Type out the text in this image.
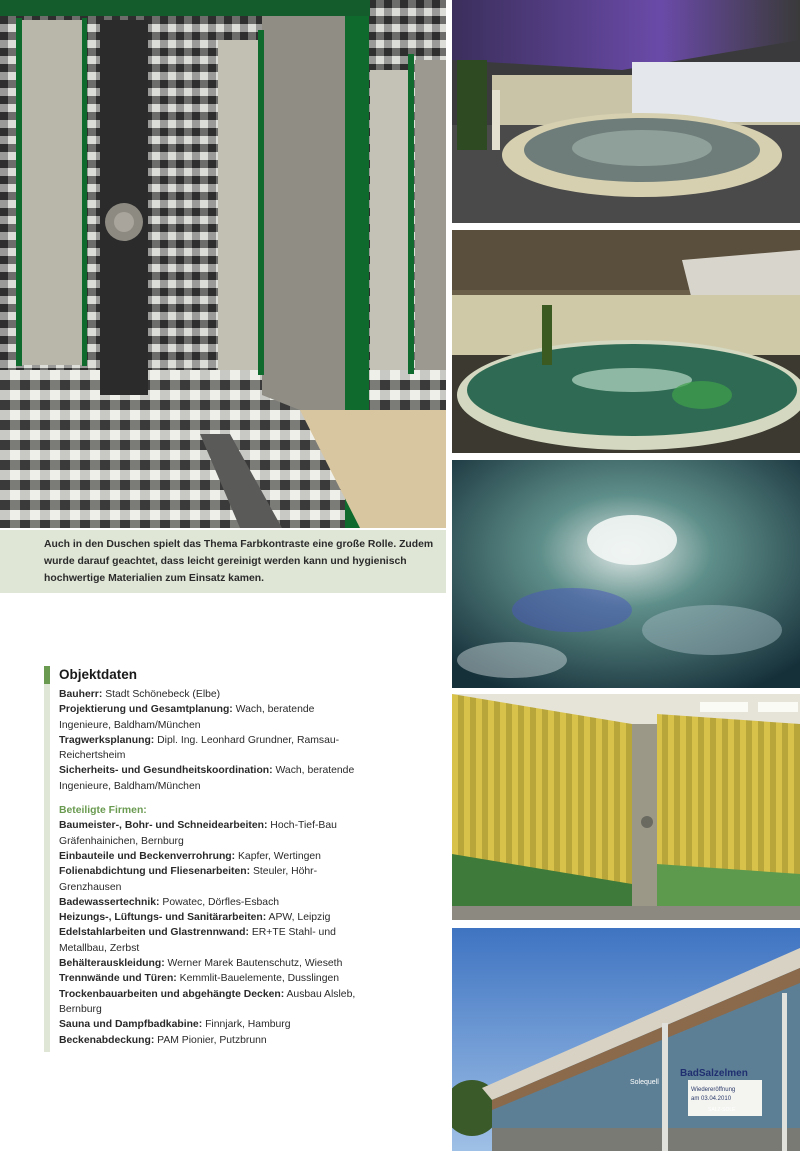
Auch in den Duschen spielt das Thema Farbkontraste eine große Rolle. Zudem wurde darauf geachtet, dass leicht gereinigt werden kann und hygienisch hochwertige Materialien zum Einsatz kamen.

Objektdaten

Bauherr: Stadt Schönebeck (Elbe)

Projektierung und Gesamtplanung: Wach, beratende Ingenieure, Baldham/München

Tragwerksplanung: Dipl. Ing. Leonhard Grundner, Ramsau-Reichertsheim

Sicherheits- und Gesundheitskoordination: Wach, beratende Ingenieure, Baldham/München

Beteiligte Firmen:

Baumeister-, Bohr- und Schneidearbeiten: Hoch-Tief-Bau Gräfenhainichen, Bernburg

Einbauteile und Beckenverrohrung: Kapfer, Wertingen

Folienabdichtung und Fliesenarbeiten: Steuler, Höhr-Grenzhausen

Badewassertechnik: Powatec, Dörfles-Esbach

Heizungs-, Lüftungs- und Sanitärarbeiten: APW, Leipzig

Edelstahlarbeiten und Glastrennwand: ER+TE Stahl- und Metallbau, Zerbst

Behälterauskleidung: Werner Marek Bautenschutz, Wieseth

Trennwände und Türen: Kemmlit-Bauelemente, Dusslingen

Trockenbauarbeiten und abgehängte Decken: Ausbau Alsleb, Bernburg

Sauna und Dampfbadkabine: Finnjark, Hamburg

Beckenabdeckung: PAM Pionier, Putzbrunn

Wiedereröffnung
am 03.04.2010
SALZ-SOLE
BadSalzelmen
Solequell
